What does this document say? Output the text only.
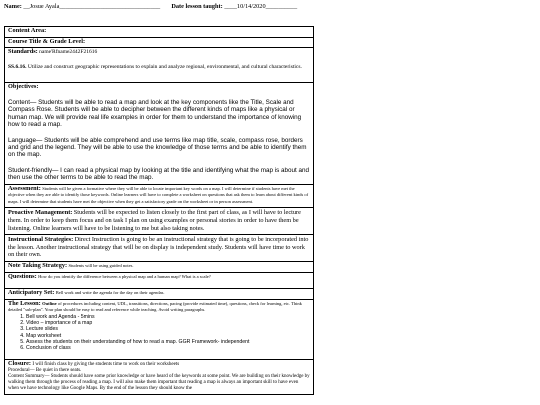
Name: __Josue Ayala________________________________ Date lesson taught: ____10/14/2020__________
Content Area:
Course Title & Grade Level:
Standards: name'Rfname2442F21616
SS.6.16. Utilize and construct geographic representations to explain and analyze regional, environmental, and cultural characteristics.
Objectives:
Content— Students will be able to read a map and look at the key components like the Title, Scale and Compass Rose. Students will be able to decipher between the different kinds of maps like a physical or human map. We will provide real life examples in order for them to understand the importance of knowing how to read a map.
Language— Students will be able comprehend and use terms like map title, scale, compass rose, borders and grid and the legend. They will be able to use the knowledge of those terms and be able to identify them on the map.
Student-friendly— I can read a physical map by looking at the title and identifying what the map is about and then use the other terms to be able to read the map.
Assessment: Students will be given a formative where they will be able to locate important key words on a map. I will determine if students have met the objective when they are able to identify those keywords. Online learners will have to complete a worksheet on questions that ask them to learn about different kinds of maps. I will determine that students have met the objective when they get a satisfactory grade on the worksheet or in person assessment.
Proactive Management: Students will be expected to listen closely to the first part of class, as I will have to lecture them. In order to keep them focus and on task I plan on using examples or personal stories in order to have them be listening. Online learners will have to be listening to me but also taking notes.
Instructional Strategies: Direct Instruction is going to be an instructional strategy that is going to be incorporated into the lesson. Another instructional strategy that will be on display is independent study. Students will have time to work on their own.
Note Taking Strategy: Students will be using guided notes.
Questions: How do you identify the difference between a physical map and a human map? What is a scale?
Anticipatory Set: Bell work and write the agenda for the day on their agendas.
The Lesson: Outline of procedures including content, UDL, transitions, directions, pacing (provide estimated time), questions, check for learning, etc. Think detailed "sub-plan". Your plan should be easy to read and reference while teaching. Avoid writing paragraphs.
1. Bell work and Agenda - 5mins
2. Video – importance of a map
3. Lecture slides
4. Map worksheet
5. Assess the students on their understanding of how to read a map. GGR Framework- independent
6. Conclusion of class
Closure: I will finish class by giving the students time to work on their worksheets
Procedural— Be quiet in there seats.
Content Summary— Students should have some prior knowledge or have heard of the keywords at some point. We are building on their knowledge by walking them through the process of reading a map. I will also make them important that reading a map is always an important skill to have even when we have technology like Google Maps. By the end of the lesson they should know the
